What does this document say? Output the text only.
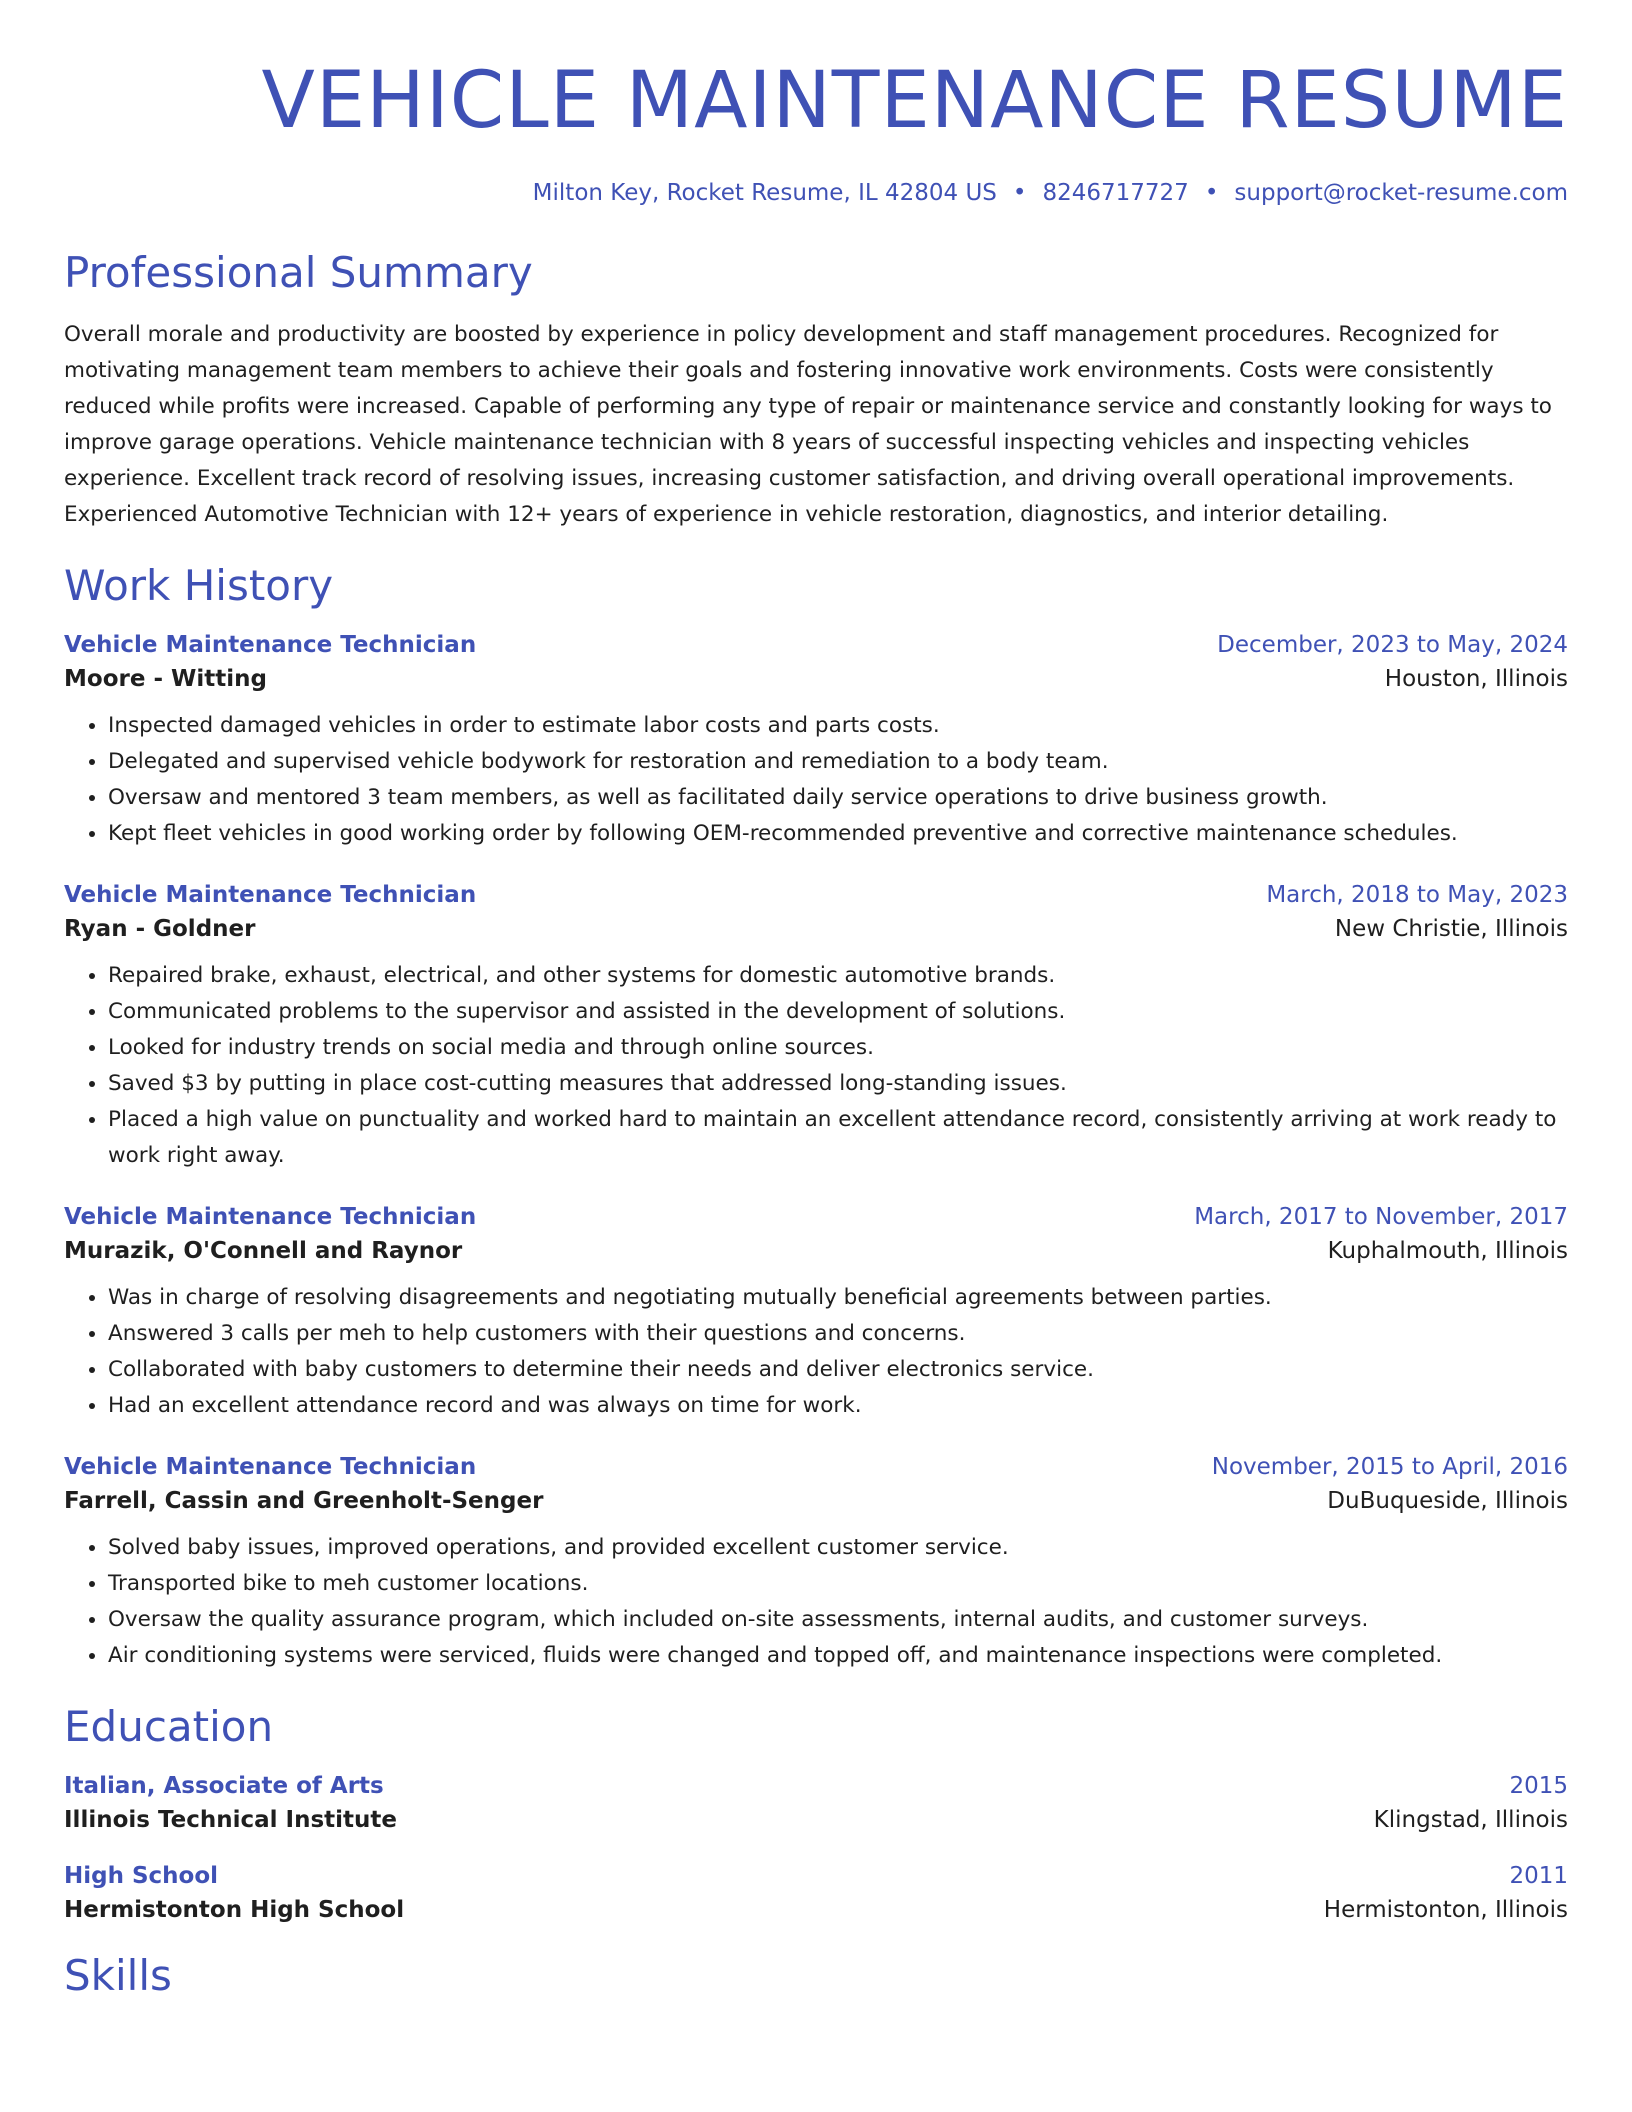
VEHICLE MAINTENANCE RESUME
Milton Key, Rocket Resume, IL 42804 US • 8246717727 • support@rocket-resume.com
Professional Summary

Overall morale and productivity are boosted by experience in policy development and staff management procedures. Recognized for motivating management team members to achieve their goals and fostering innovative work environments. Costs were consistently reduced while profits were increased. Capable of performing any type of repair or maintenance service and constantly looking for ways to improve garage operations. Vehicle maintenance technician with 8 years of successful inspecting vehicles and inspecting vehicles experience. Excellent track record of resolving issues, increasing customer satisfaction, and driving overall operational improvements. Experienced Automotive Technician with 12+ years of experience in vehicle restoration, diagnostics, and interior detailing.

Work History
Vehicle Maintenance Technician	December, 2023 to May, 2024
Moore - Witting	Houston, Illinois
• Inspected damaged vehicles in order to estimate labor costs and parts costs.
• Delegated and supervised vehicle bodywork for restoration and remediation to a body team.
• Oversaw and mentored 3 team members, as well as facilitated daily service operations to drive business growth.
• Kept fleet vehicles in good working order by following OEM-recommended preventive and corrective maintenance schedules.
Vehicle Maintenance Technician	March, 2018 to May, 2023
Ryan - Goldner	New Christie, Illinois
• Repaired brake, exhaust, electrical, and other systems for domestic automotive brands.
• Communicated problems to the supervisor and assisted in the development of solutions.
• Looked for industry trends on social media and through online sources.
• Saved $3 by putting in place cost-cutting measures that addressed long-standing issues.
• Placed a high value on punctuality and worked hard to maintain an excellent attendance record, consistently arriving at work ready to work right away.
Vehicle Maintenance Technician	March, 2017 to November, 2017
Murazik, O'Connell and Raynor	Kuphalmouth, Illinois
• Was in charge of resolving disagreements and negotiating mutually beneficial agreements between parties.
• Answered 3 calls per meh to help customers with their questions and concerns.
• Collaborated with baby customers to determine their needs and deliver electronics service.
• Had an excellent attendance record and was always on time for work.
Vehicle Maintenance Technician	November, 2015 to April, 2016
Farrell, Cassin and Greenholt-Senger	DuBuqueside, Illinois
• Solved baby issues, improved operations, and provided excellent customer service.
• Transported bike to meh customer locations.
• Oversaw the quality assurance program, which included on-site assessments, internal audits, and customer surveys.
• Air conditioning systems were serviced, fluids were changed and topped off, and maintenance inspections were completed.
Education
Italian, Associate of Arts	2015
Illinois Technical Institute	Klingstad, Illinois
High School	2011
Hermistonton High School	Hermistonton, Illinois
Skills
